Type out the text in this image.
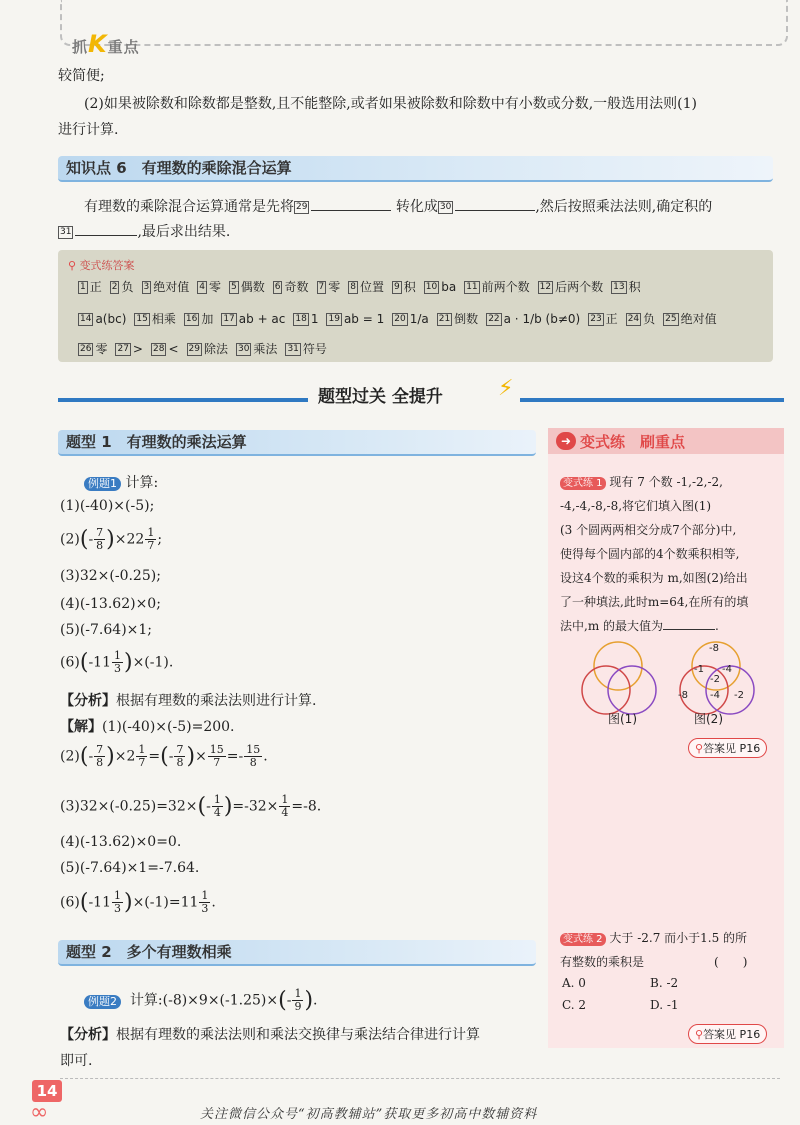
抓K重点
较简便;
(2)如果被除数和除数都是整数,且不能整除,或者如果被除数和除数中有小数或分数,一般选用法则(1)
进行计算.
知识点 6　有理数的乘除混合运算
有理数的乘除混合运算通常是先将 29	转化成 30	,然后按照乘法法则,确定积的
31	,最后求出结果.
⚲ 变式练答案
1 正 2 负 3 绝对值 4 零 5 偶数 6 奇数 7 零 8 位置 9 积 10 ba 11 前两个数 12 后两个数 13 积
14 a(bc) 15 相乘 16 加 17 ab + ac 18 1 19 ab = 1 20 1/a 21 倒数 22 a · 1/b (b≠0) 23 正 24 负 25 绝对值
26 零 27 > 28 < 29 除法 30 乘法 31 符号
题型过关 全提升	⚡
题型 1　有理数的乘法运算
例题1 计算:
(1)(-40)×(-5);
$(2)(- \frac{7}{8} )\times 22 \frac{1}{7}$ ;
(3)32×(-0.25);
(4)(-13.62)×0;
(5)(-7.64)×1;
$(6)(-11 \frac{1}{3} )\times(-1)$.
【分析】根据有理数的乘法法则进行计算.
【解】(1)(-40)×(-5)=200.
$(2)(- \frac{7}{8} )\times 2 \frac{1}{7}$ =(- $\frac{7}{8}$ )× $\frac{15}{7} =- \frac{15}{8}$ .
$(3)32\times(-0.25)=32\times(- \frac{1}{4} )=-32\times \frac{1}{4} =-8$.
(4)(-13.62)×0=0.
(5)(-7.64)×1=-7.64.
$(6)(-11 \frac{1}{3} )\times(-1)=11 \frac{1}{3}$ .
题型 2　多个有理数相乘
例题2 计算:(-8)×9×(-1.25)×(- $\frac{1}{9}$ ).
【分析】根据有理数的乘法法则和乘法交换律与乘法结合律进行计算
即可.
➜ 变式练　刷重点
变式练 1 现有 7 个数 -1,-2,-2,
-4,-4,-8,-8,将它们填入图(1)
(3 个圆两两相交分成7个部分)中,
使得每个圆内部的4个数乘积相等,
设这4个数的乘积为 m,如图(2)给出
了一种填法,此时m=64,在所有的填
法中,m 的最大值为	.
-8
-1 -4
-2
-8 -4 -2
图(1)	图(2)
⚲答案见 P16
变式练 2 大于 -2.7 而小于1.5 的所
有整数的乘积是	(　　)
A. 0	B. -2
C. 2	D. -1
⚲答案见 P16
14
∞	关注微信公众号“初高教辅站”获取更多初高中数辅资料
